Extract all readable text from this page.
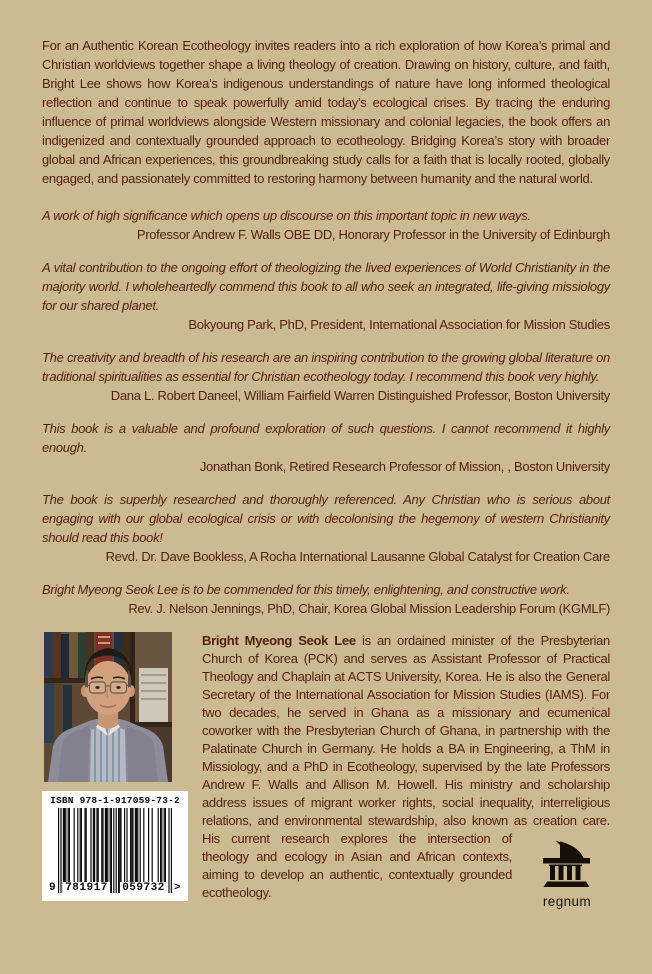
For an Authentic Korean Ecotheology invites readers into a rich exploration of how Korea’s primal and Christian worldviews together shape a living theology of creation. Drawing on history, culture, and faith, Bright Lee shows how Korea’s indigenous understandings of nature have long informed theological reflection and continue to speak powerfully amid today’s ecological crises. By tracing the enduring influence of primal worldviews alongside Western missionary and colonial legacies, the book offers an indigenized and contextually grounded approach to ecotheology. Bridging Korea’s story with broader global and African experiences, this groundbreaking study calls for a faith that is locally rooted, globally engaged, and passionately committed to restoring harmony between humanity and the natural world.

A work of high significance which opens up discourse on this important topic in new ways.

Professor Andrew F. Walls OBE DD, Honorary Professor in the University of Edinburgh

A vital contribution to the ongoing effort of theologizing the lived experiences of World Christianity in the majority world. I wholeheartedly commend this book to all who seek an integrated, life-giving missiology for our shared planet.

Bokyoung Park, PhD, President, International Association for Mission Studies

The creativity and breadth of his research are an inspiring contribution to the growing global literature on traditional spiritualities as essential for Christian ecotheology today. I recommend this book very highly.

Dana L. Robert Daneel, William Fairfield Warren Distinguished Professor, Boston University

This book is a valuable and profound exploration of such questions. I cannot recommend it highly enough.

Jonathan Bonk, Retired Research Professor of Mission, , Boston University

The book is superbly researched and thoroughly referenced. Any Christian who is serious about engaging with our global ecological crisis or with decolonising the hegemony of western Christianity should read this book!

Revd. Dr. Dave Bookless, A Rocha International Lausanne Global Catalyst for Creation Care

Bright Myeong Seok Lee is to be commended for this timely, enlightening, and constructive work.

Rev. J. Nelson Jennings, PhD, Chair, Korea Global Mission Leadership Forum (KGMLF)

ISBN 978-1-917059-73-2
9 781917 059732 >

Bright Myeong Seok Lee is an ordained minister of the Presbyterian Church of Korea (PCK) and serves as Assistant Professor of Practical Theology and Chaplain at ACTS University, Korea. He is also the General Secretary of the International Association for Mission Studies (IAMS). For two decades, he served in Ghana as a missionary and ecumenical coworker with the Presbyterian Church of Ghana, in partnership with the Palatinate Church in Germany. He holds a BA in Engineering, a ThM in Missiology, and a PhD in Ecotheology, supervised by the late Professors Andrew F. Walls and Allison M. Howell. His ministry and scholarship address issues of migrant worker rights, social inequality, interreligious relations, and environmental stewardship, also known as creation care.
regnum
His current research explores the intersection of theology and ecology in Asian and African contexts, aiming to develop an authentic, contextually grounded ecotheology.
